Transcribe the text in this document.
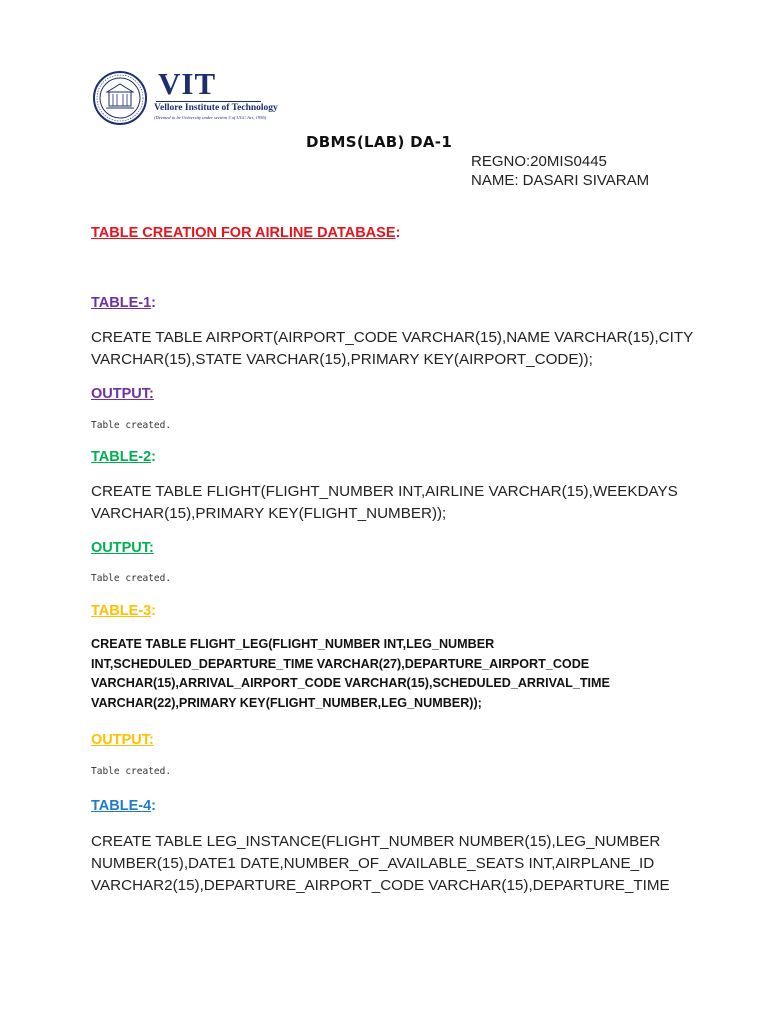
VIT
Vellore Institute of Technology
(Deemed to be University under section 3 of UGC Act, 1956)
DBMS(LAB) DA-1
REGNO:20MIS0445
NAME: DASARI SIVARAM
TABLE CREATION FOR AIRLINE DATABASE:
TABLE-1:
CREATE TABLE AIRPORT(AIRPORT_CODE VARCHAR(15),NAME VARCHAR(15),CITY
VARCHAR(15),STATE VARCHAR(15),PRIMARY KEY(AIRPORT_CODE));
OUTPUT:
Table created.
TABLE-2:
CREATE TABLE FLIGHT(FLIGHT_NUMBER INT,AIRLINE VARCHAR(15),WEEKDAYS
VARCHAR(15),PRIMARY KEY(FLIGHT_NUMBER));
OUTPUT:
Table created.
TABLE-3:
CREATE TABLE FLIGHT_LEG(FLIGHT_NUMBER INT,LEG_NUMBER
INT,SCHEDULED_DEPARTURE_TIME VARCHAR(27),DEPARTURE_AIRPORT_CODE
VARCHAR(15),ARRIVAL_AIRPORT_CODE VARCHAR(15),SCHEDULED_ARRIVAL_TIME
VARCHAR(22),PRIMARY KEY(FLIGHT_NUMBER,LEG_NUMBER));
OUTPUT:
Table created.
TABLE-4:
CREATE TABLE LEG_INSTANCE(FLIGHT_NUMBER NUMBER(15),LEG_NUMBER
NUMBER(15),DATE1 DATE,NUMBER_OF_AVAILABLE_SEATS INT,AIRPLANE_ID
VARCHAR2(15),DEPARTURE_AIRPORT_CODE VARCHAR(15),DEPARTURE_TIME
